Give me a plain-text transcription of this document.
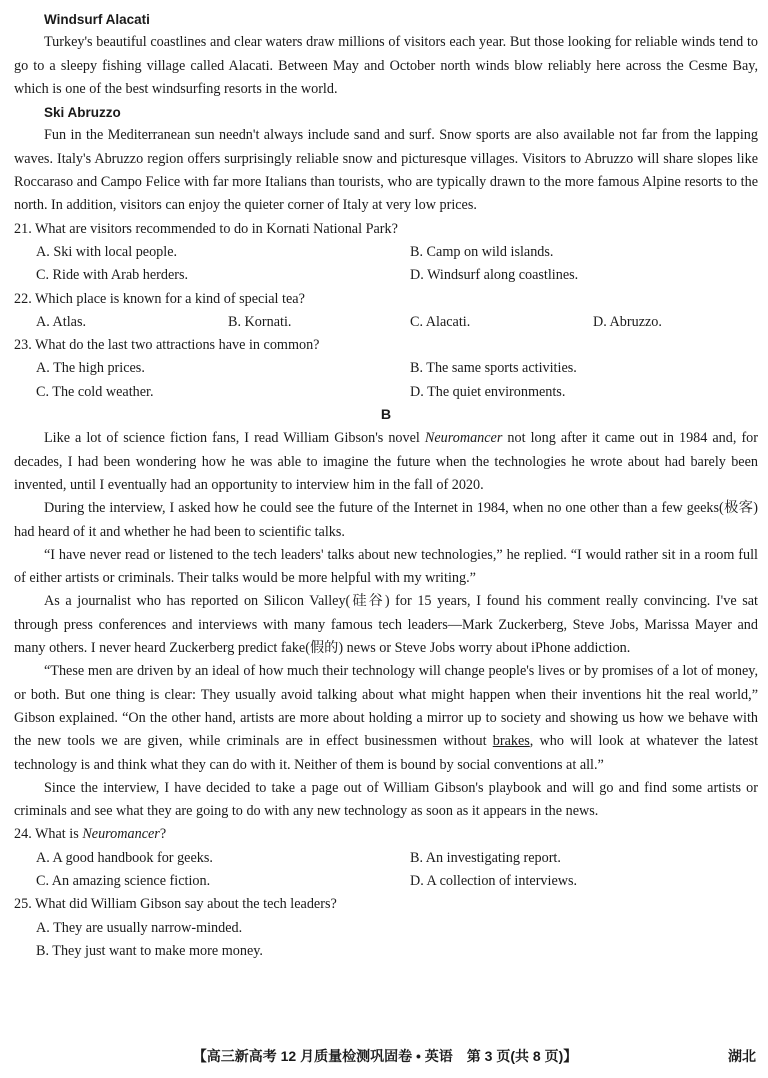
Windsurf Alacati

Turkey's beautiful coastlines and clear waters draw millions of visitors each year. But those looking for reliable winds tend to go to a sleepy fishing village called Alacati. Between May and October north winds blow reliably here across the Cesme Bay, which is one of the best windsurfing resorts in the world.

Ski Abruzzo

Fun in the Mediterranean sun needn't always include sand and surf. Snow sports are also available not far from the lapping waves. Italy's Abruzzo region offers surprisingly reliable snow and picturesque villages. Visitors to Abruzzo will share slopes like Roccaraso and Campo Felice with far more Italians than tourists, who are typically drawn to the more famous Alpine resorts to the north. In addition, visitors can enjoy the quieter corner of Italy at very low prices.

21. What are visitors recommended to do in Kornati National Park?

A. Ski with local people.	B. Camp on wild islands.
C. Ride with Arab herders.	D. Windsurf along coastlines.

22. Which place is known for a kind of special tea?

A. Atlas.	B. Kornati.	C. Alacati.	D. Abruzzo.

23. What do the last two attractions have in common?

A. The high prices.	B. The same sports activities.
C. The cold weather.	D. The quiet environments.
B

Like a lot of science fiction fans, I read William Gibson's novel Neuromancer not long after it came out in 1984 and, for decades, I had been wondering how he was able to imagine the future when the technologies he wrote about had barely been invented, until I eventually had an opportunity to interview him in the fall of 2020.

During the interview, I asked how he could see the future of the Internet in 1984, when no one other than a few geeks(极客) had heard of it and whether he had been to scientific talks.

“I have never read or listened to the tech leaders' talks about new technologies,” he replied. “I would rather sit in a room full of either artists or criminals. Their talks would be more helpful with my writing.”

As a journalist who has reported on Silicon Valley(硅谷) for 15 years, I found his comment really convincing. I've sat through press conferences and interviews with many famous tech leaders—Mark Zuckerberg, Steve Jobs, Marissa Mayer and many others. I never heard Zuckerberg predict fake(假的) news or Steve Jobs worry about iPhone addiction.

“These men are driven by an ideal of how much their technology will change people's lives or by promises of a lot of money, or both. But one thing is clear: They usually avoid talking about what might happen when their inventions hit the real world,” Gibson explained. “On the other hand, artists are more about holding a mirror up to society and showing us how we behave with the new tools we are given, while criminals are in effect businessmen without brakes, who will look at whatever the latest technology is and think what they can do with it. Neither of them is bound by social conventions at all.”

Since the interview, I have decided to take a page out of William Gibson's playbook and will go and find some artists or criminals and see what they are going to do with any new technology as soon as it appears in the news.

24. What is Neuromancer?

A. A good handbook for geeks.	B. An investigating report.
C. An amazing science fiction.	D. A collection of interviews.

25. What did William Gibson say about the tech leaders?

A. They are usually narrow-minded.
B. They just want to make more money.
【高三新高考 12 月质量检测巩固卷 • 英语　第 3 页(共 8 页)】	湖北
